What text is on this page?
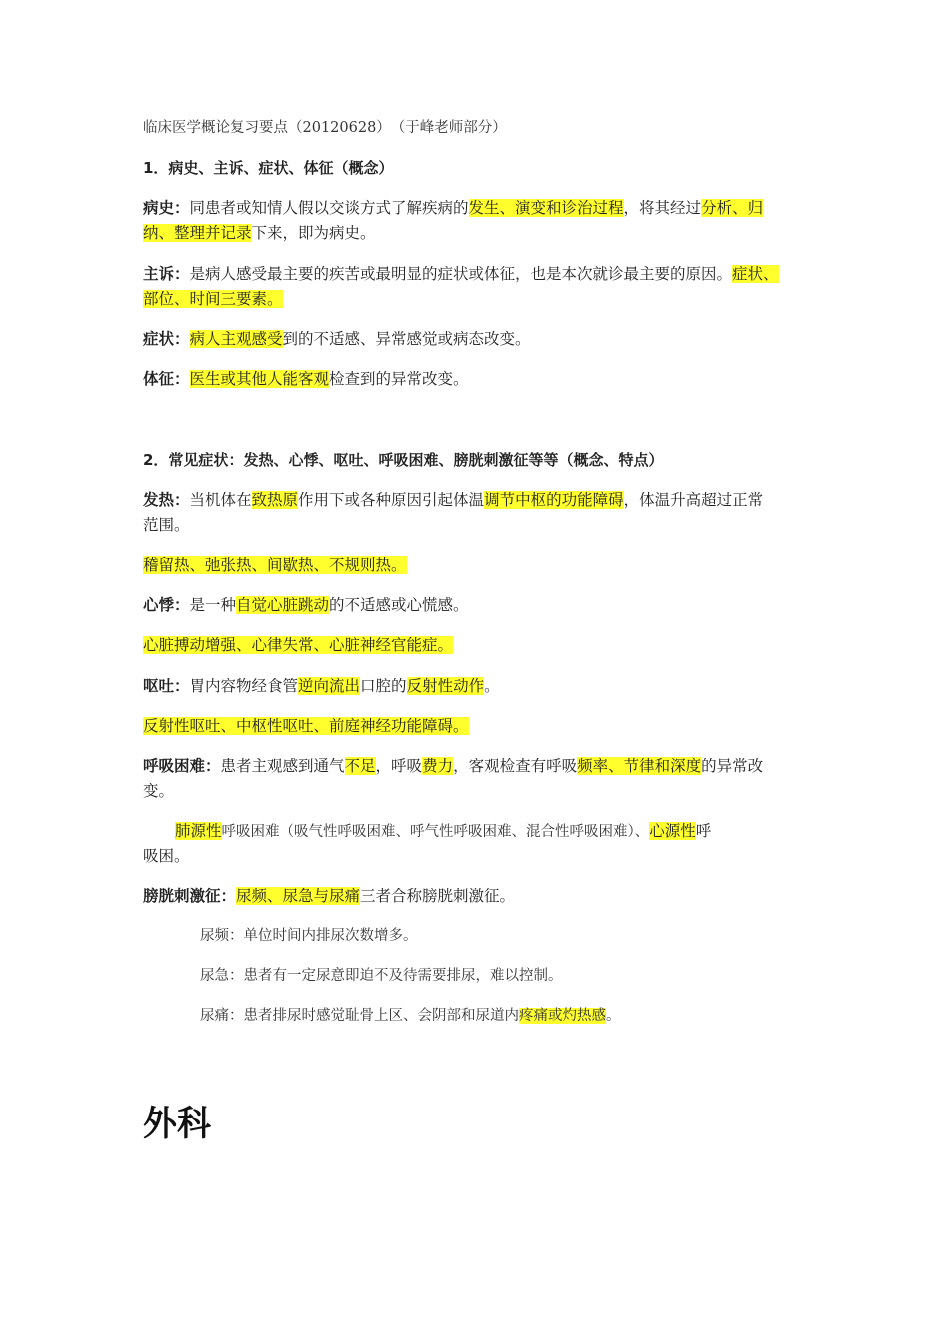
临床医学概论复习要点（20120628）　（于峰老师部分）

1．病史、主诉、症状、体征（概念）

病史：同患者或知情人假以交谈方式了解疾病的发生、演变和诊治过程，将其经过分析、归

纳、整理并记录下来，即为病史。

主诉：是病人感受最主要的疾苦或最明显的症状或体征，也是本次就诊最主要的原因。症状、

部位、时间三要素。

症状：病人主观感受到的不适感、异常感觉或病态改变。

体征：医生或其他人能客观检查到的异常改变。

2．常见症状：发热、心悸、呕吐、呼吸困难、膀胱刺激征等等（概念、特点）

发热：当机体在致热原作用下或各种原因引起体温调节中枢的功能障碍，体温升高超过正常

范围。

稽留热、弛张热、间歇热、不规则热。

心悸：是一种自觉心脏跳动的不适感或心慌感。

心脏搏动增强、心律失常、心脏神经官能症。

呕吐：胃内容物经食管逆向流出口腔的反射性动作。

反射性呕吐、中枢性呕吐、前庭神经功能障碍。

呼吸困难：患者主观感到通气不足，呼吸费力，客观检查有呼吸频率、节律和深度的异常改

变。

肺源性呼吸困难（吸气性呼吸困难、呼气性呼吸困难、混合性呼吸困难）、心源性呼

吸困。

膀胱刺激征：尿频、尿急与尿痛三者合称膀胱刺激征。

尿频：单位时间内排尿次数增多。

尿急：患者有一定尿意即迫不及待需要排尿，难以控制。

尿痛：患者排尿时感觉耻骨上区、会阴部和尿道内疼痛或灼热感。

外科
